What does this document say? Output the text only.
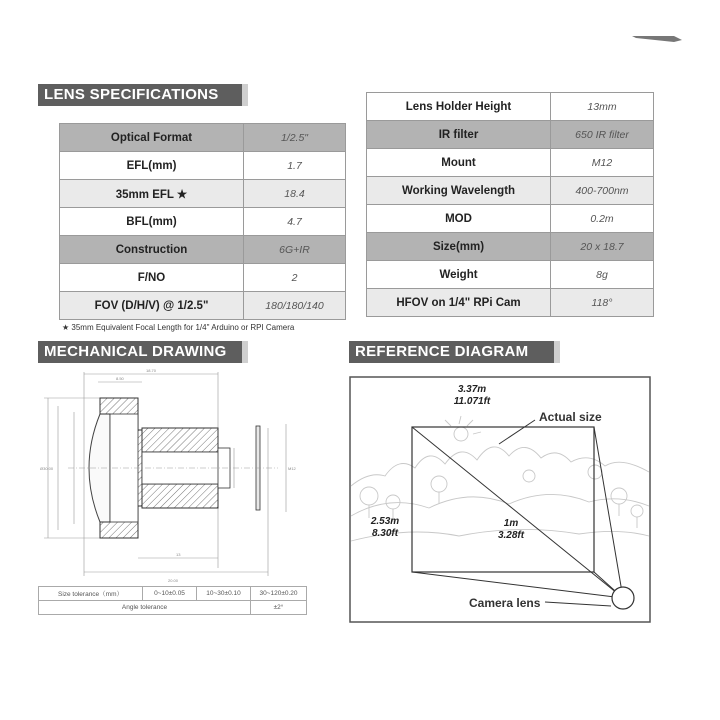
LENS SPECIFICATIONS
Optical Format	1/2.5"
EFL(mm)	1.7
35mm EFL ★	18.4
BFL(mm)	4.7
Construction	6G+IR
F/NO	2
FOV (D/H/V) @ 1/2.5"	180/180/140
Lens Holder Height	13mm
IR filter	650 IR filter
Mount	M12
Working Wavelength	400-700nm
MOD	0.2m
Size(mm)	20 x 18.7
Weight	8g
HFOV on 1/4" RPi Cam	118°
★ 35mm Equivalent Focal Length for 1/4" Arduino or RPI Camera
MECHANICAL DRAWING
18.70
8.50
20.00
13
Ø30.00	M12
Size tolerance（mm）	0~10±0.05	10~30±0.10	30~120±0.20
Angle tolerance			±2°
REFERENCE DIAGRAM
3.37m
11.071ft
2.53m
8.30ft
1m
3.28ft
Actual size
Camera lens
